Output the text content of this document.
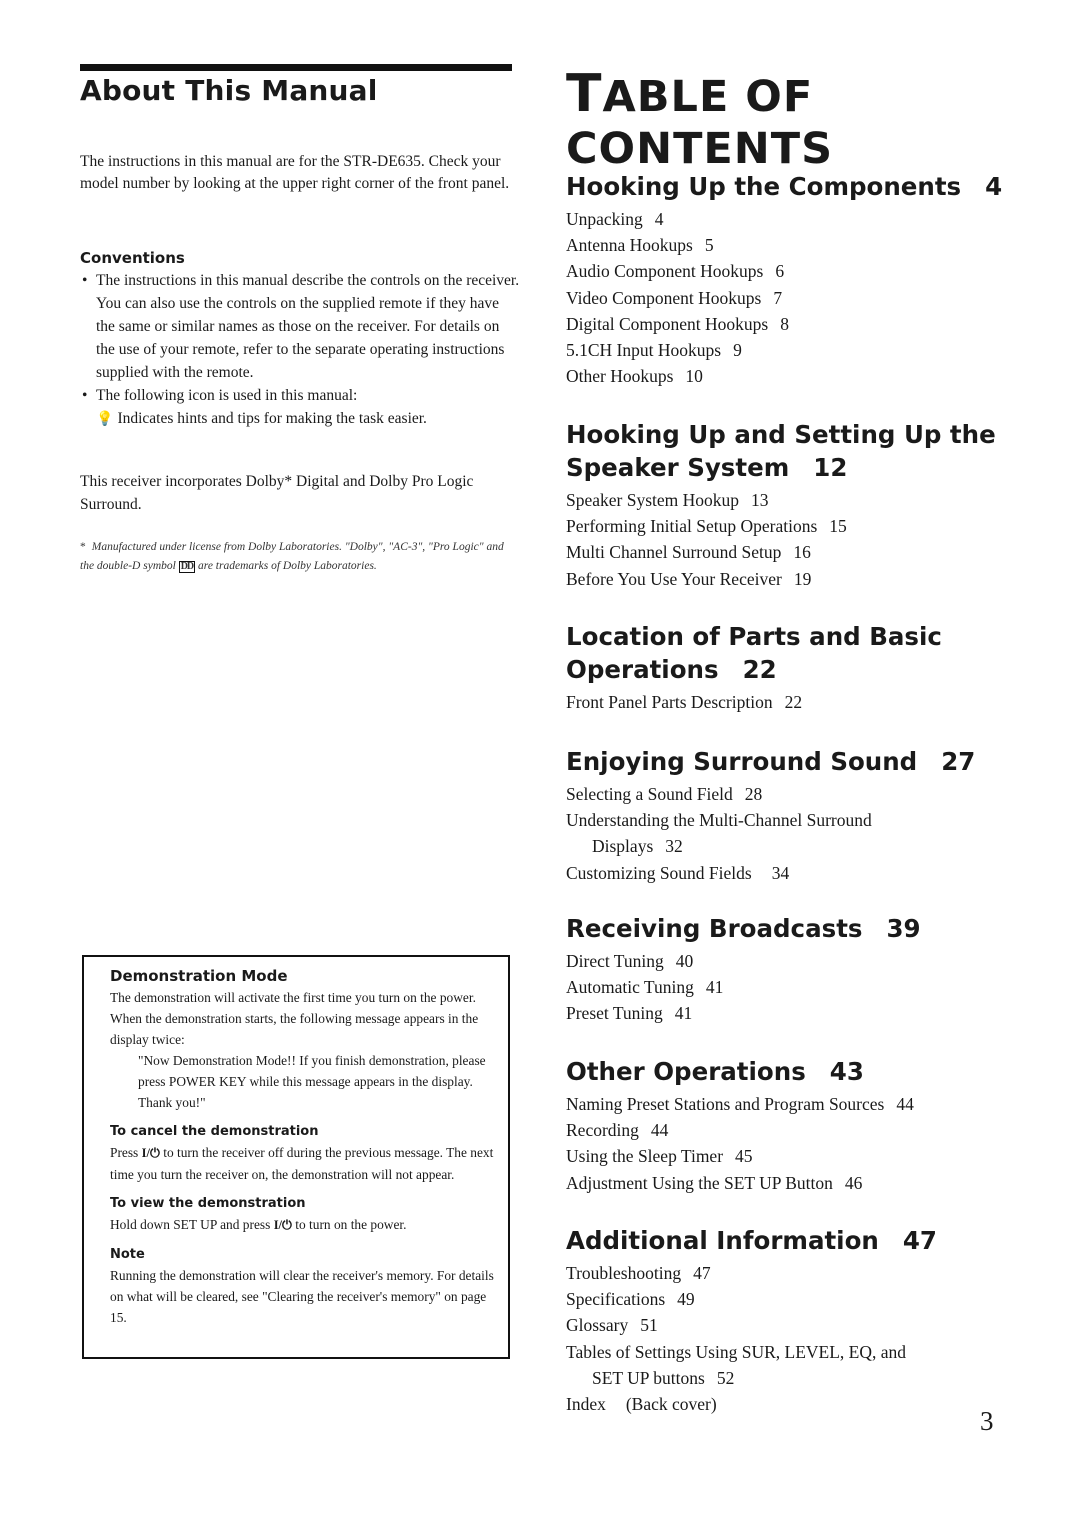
About This Manual
The instructions in this manual are for the STR-DE635. Check your model number by looking at the upper right corner of the front panel.
Conventions
• The instructions in this manual describe the controls on the receiver. You can also use the controls on the supplied remote if they have the same or similar names as those on the receiver. For details on the use of your remote, refer to the separate operating instructions supplied with the remote.
• The following icon is used in this manual:
💡 Indicates hints and tips for making the task easier.
This receiver incorporates Dolby* Digital and Dolby Pro Logic Surround.
* Manufactured under license from Dolby Laboratories. "Dolby", "AC-3", "Pro Logic" and the double-D symbol DD are trademarks of Dolby Laboratories.
Demonstration Mode
The demonstration will activate the first time you turn on the power. When the demonstration starts, the following message appears in the display twice:
"Now Demonstration Mode!! If you finish demonstration, please press POWER KEY while this message appears in the display. Thank you!"
To cancel the demonstration
Press I/⏻ to turn the receiver off during the previous message. The next time you turn the receiver on, the demonstration will not appear.
To view the demonstration
Hold down SET UP and press I/⏻ to turn on the power.
Note
Running the demonstration will clear the receiver's memory. For details on what will be cleared, see "Clearing the receiver's memory" on page 15.
TABLE OF CONTENTS
Hooking Up the Components 4
Unpacking 4
Antenna Hookups 5
Audio Component Hookups 6
Video Component Hookups 7
Digital Component Hookups 8
5.1CH Input Hookups 9
Other Hookups 10
Hooking Up and Setting Up the
Speaker System 12
Speaker System Hookup 13
Performing Initial Setup Operations 15
Multi Channel Surround Setup 16
Before You Use Your Receiver 19
Location of Parts and Basic
Operations 22
Front Panel Parts Description 22
Enjoying Surround Sound 27
Selecting a Sound Field 28
Understanding the Multi-Channel Surround
Displays 32
Customizing Sound Fields 34
Receiving Broadcasts 39
Direct Tuning 40
Automatic Tuning 41
Preset Tuning 41
Other Operations 43
Naming Preset Stations and Program Sources 44
Recording 44
Using the Sleep Timer 45
Adjustment Using the SET UP Button 46
Additional Information 47
Troubleshooting 47
Specifications 49
Glossary 51
Tables of Settings Using SUR, LEVEL, EQ, and
SET UP buttons 52
Index (Back cover)
3
